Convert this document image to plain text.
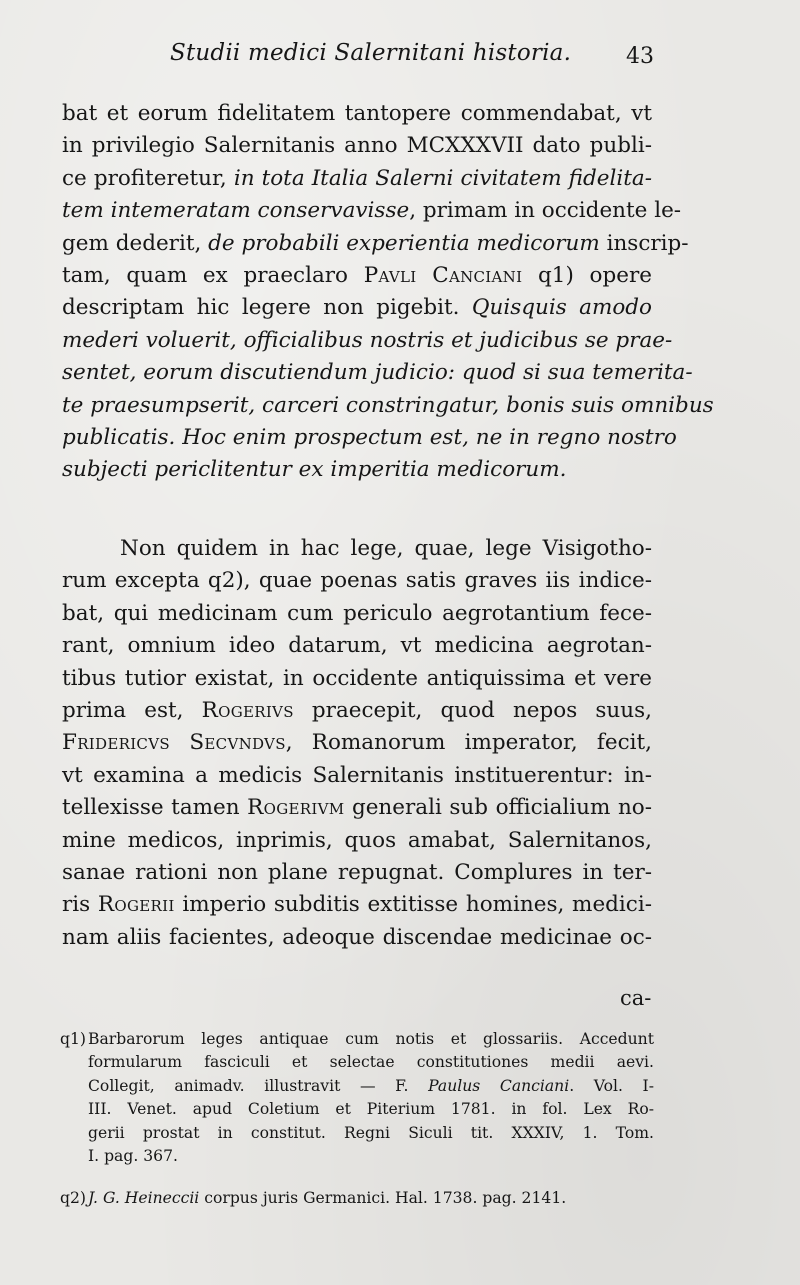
Studii medici Salernitani historia.	43
bat et eorum fidelitatem tantopere commendabat, vt
in privilegio Salernitanis anno MCXXXVII dato publi-
ce profiteretur, in tota Italia Salerni civitatem fidelita-
tem intemeratam conservavisse, primam in occidente le-
gem dederit, de probabili experientia medicorum inscrip-
tam, quam ex praeclaro Pavli Canciani q1) opere
descriptam hic legere non pigebit. Quisquis amodo
mederi voluerit, officialibus nostris et judicibus se prae-
sentet, eorum discutiendum judicio: quod si sua temerita-
te praesumpserit, carceri constringatur, bonis suis omnibus
publicatis. Hoc enim prospectum est, ne in regno nostro
subjecti periclitentur ex imperitia medicorum.
Non quidem in hac lege, quae, lege Visigotho-
rum excepta q2), quae poenas satis graves iis indice-
bat, qui medicinam cum periculo aegrotantium fece-
rant, omnium ideo datarum, vt medicina aegrotan-
tibus tutior existat, in occidente antiquissima et vere
prima est, Rogerivs praecepit, quod nepos suus,
Fridericvs Secvndvs, Romanorum imperator, fecit,
vt examina a medicis Salernitanis instituerentur: in-
tellexisse tamen Rogerivm generali sub officialium no-
mine medicos, inprimis, quos amabat, Salernitanos,
sanae rationi non plane repugnat. Complures in ter-
ris Rogerii imperio subditis extitisse homines, medici-
nam aliis facientes, adeoque discendae medicinae oc-
ca-
q1) Barbarorum leges antiquae cum notis et glossariis. Accedunt
formularum fasciculi et selectae constitutiones medii aevi.
Collegit, animadv. illustravit — F. Paulus Canciani. Vol. I-
III. Venet. apud Coletium et Piterium 1781. in fol. Lex Ro-
gerii prostat in constitut. Regni Siculi tit. XXXIV, 1. Tom.
I. pag. 367.
q2) J. G. Heineccii corpus juris Germanici. Hal. 1738. pag. 2141.
